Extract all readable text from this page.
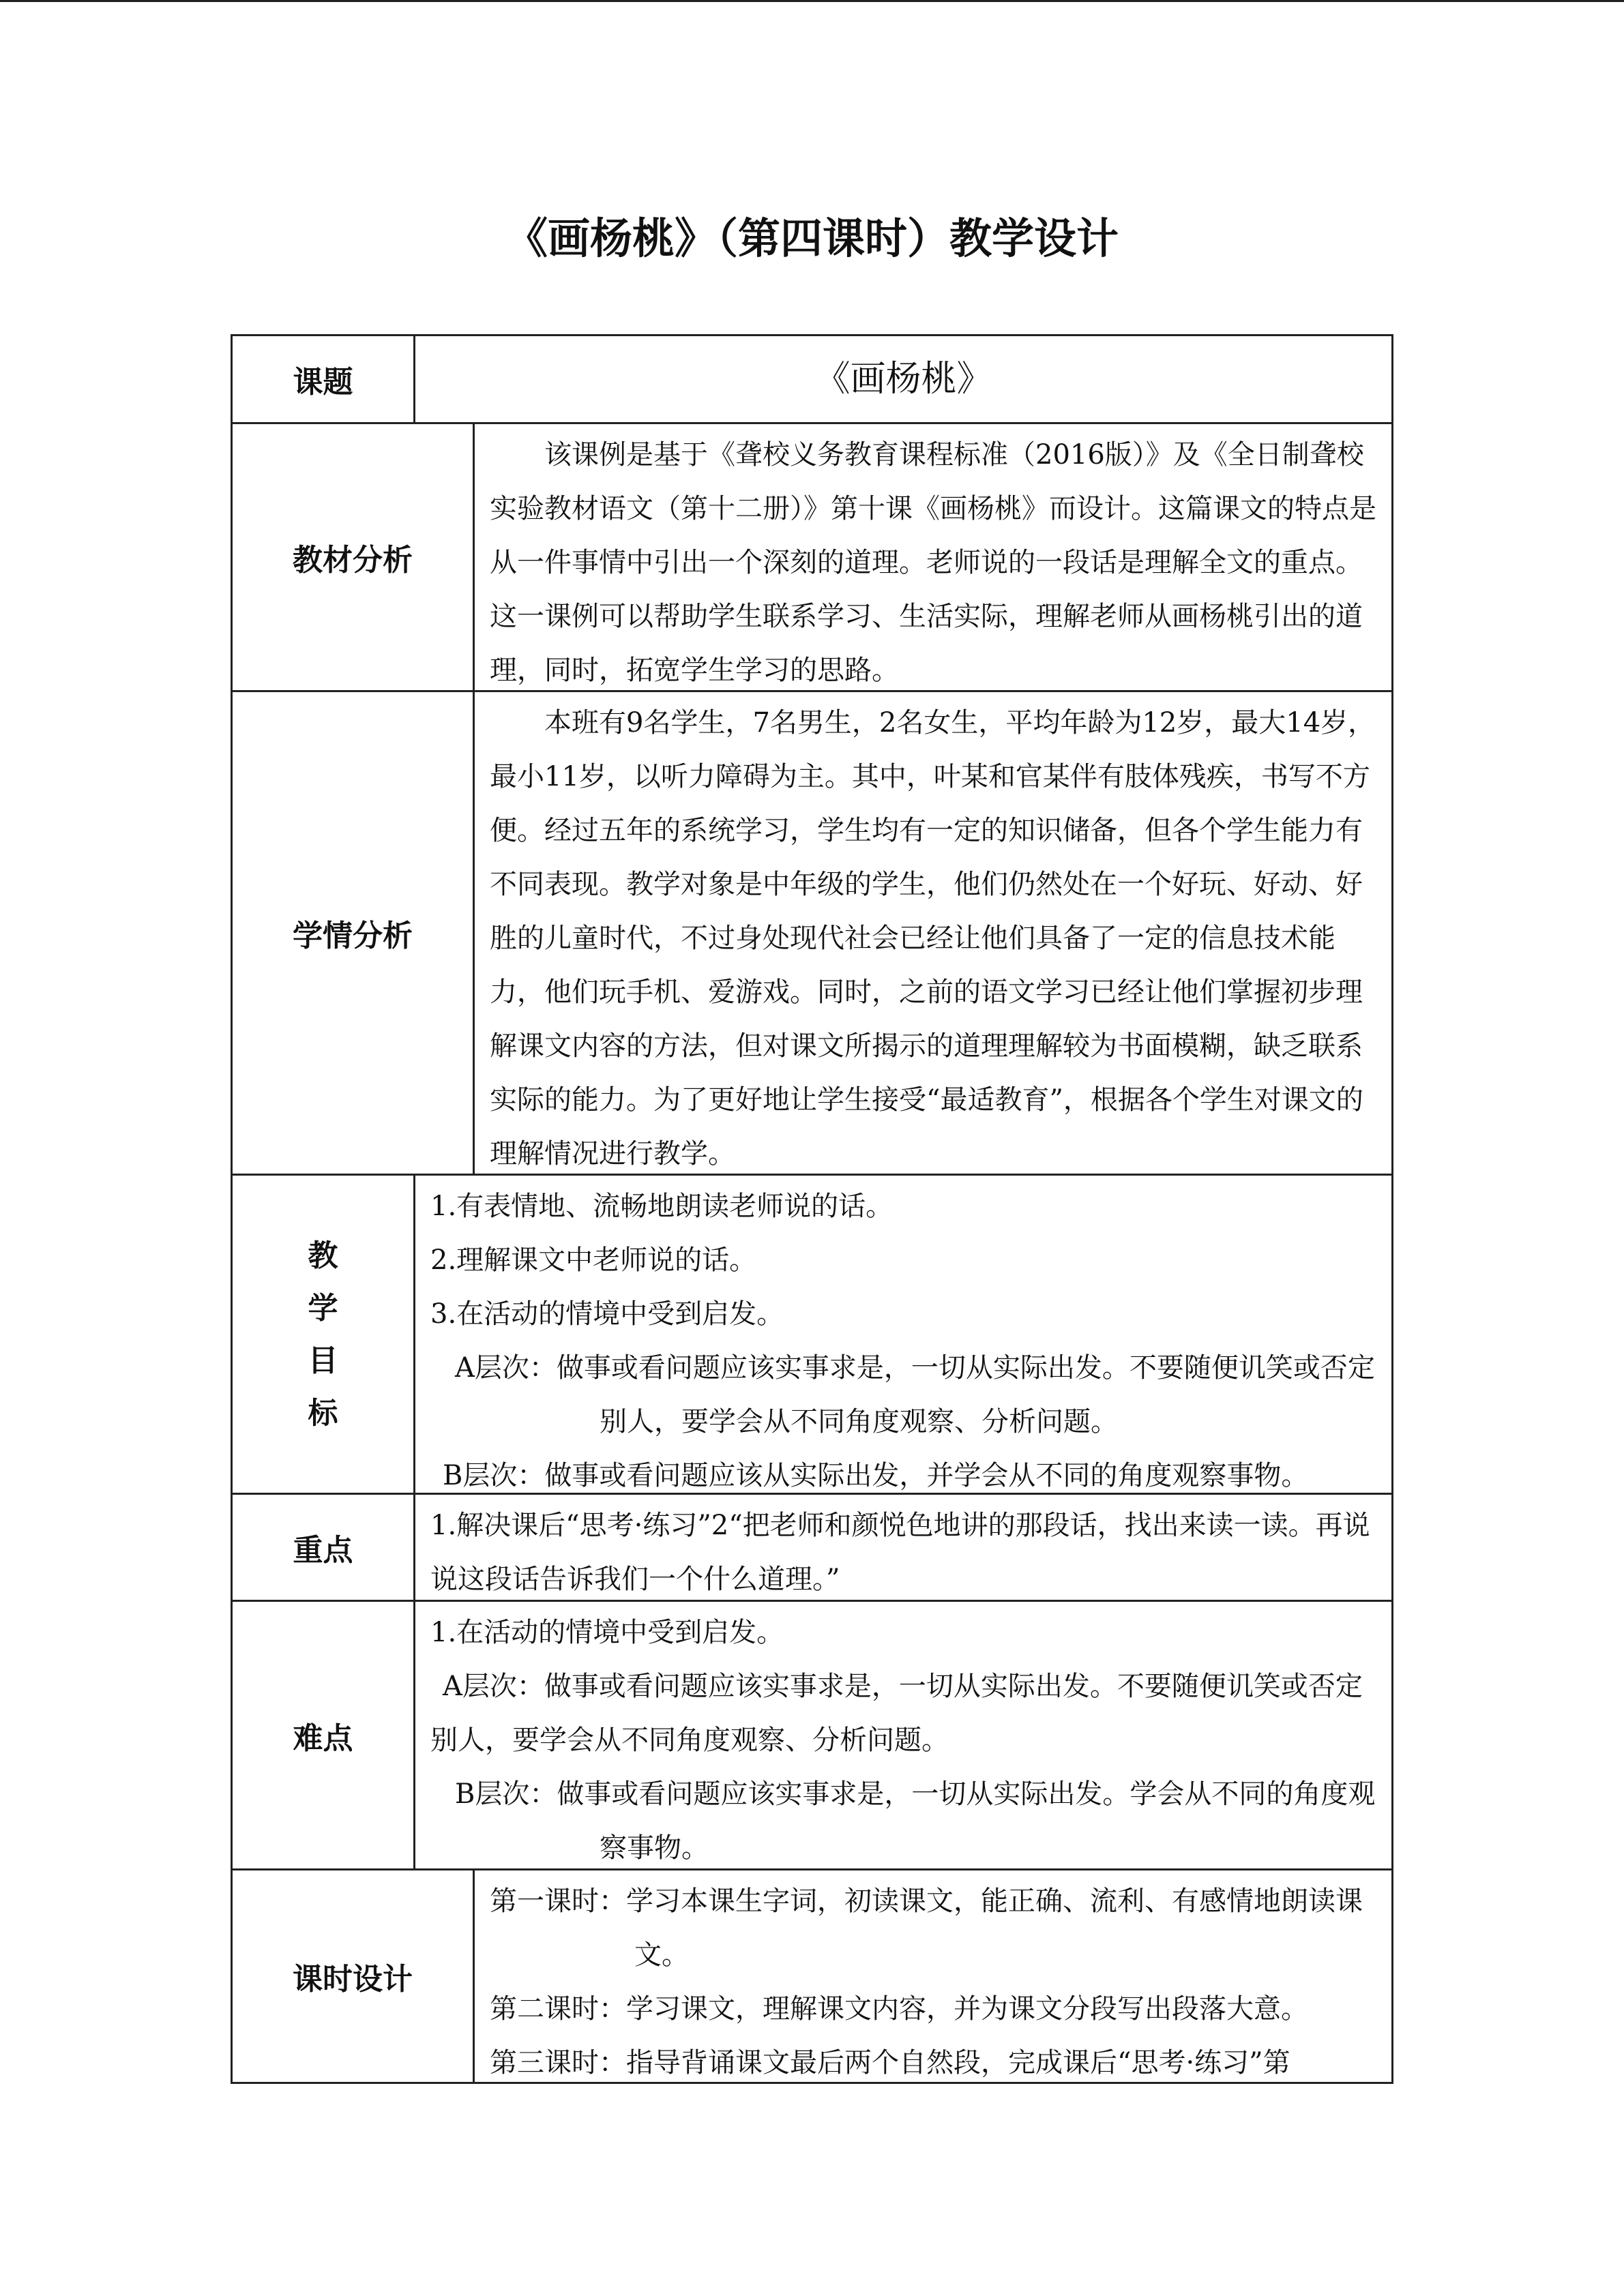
《画杨桃》（第四课时）教学设计
课题	《画杨桃》
教材分析

该课例是基于《聋校义务教育课程标准（2016版）》及《全日制聋校实验教材语文（第十二册）》第十课《画杨桃》而设计。这篇课文的特点是从一件事情中引出一个深刻的道理。老师说的一段话是理解全文的重点。这一课例可以帮助学生联系学习、生活实际，理解老师从画杨桃引出的道理，同时，拓宽学生学习的思路。

学情分析

本班有9名学生，7名男生，2名女生，平均年龄为12岁，最大14岁，最小11岁，以听力障碍为主。其中，叶某和官某伴有肢体残疾，书写不方便。经过五年的系统学习，学生均有一定的知识储备，但各个学生能力有不同表现。教学对象是中年级的学生，他们仍然处在一个好玩、好动、好胜的儿童时代，不过身处现代社会已经让他们具备了一定的信息技术能力，他们玩手机、爱游戏。同时，之前的语文学习已经让他们掌握初步理解课文内容的方法，但对课文所揭示的道理理解较为书面模糊，缺乏联系实际的能力。为了更好地让学生接受“最适教育”，根据各个学生对课文的理解情况进行教学。

教
学
目
标

1.有表情地、流畅地朗读老师说的话。

2.理解课文中老师说的话。

3.在活动的情境中受到启发。

A层次：做事或看问题应该实事求是，一切从实际出发。不要随便讥笑或否定别人，要学会从不同角度观察、分析问题。

B层次：做事或看问题应该从实际出发，并学会从不同的角度观察事物。

重点

1.解决课后“思考·练习”2“把老师和颜悦色地讲的那段话，找出来读一读。再说说这段话告诉我们一个什么道理。”

难点

1.在活动的情境中受到启发。

A层次：做事或看问题应该实事求是，一切从实际出发。不要随便讥笑或否定别人，要学会从不同角度观察、分析问题。

B层次：做事或看问题应该实事求是，一切从实际出发。学会从不同的角度观察事物。

课时设计

第一课时：学习本课生字词，初读课文，能正确、流利、有感情地朗读课文。

第二课时：学习课文，理解课文内容，并为课文分段写出段落大意。

第三课时：指导背诵课文最后两个自然段，完成课后“思考·练习”第
